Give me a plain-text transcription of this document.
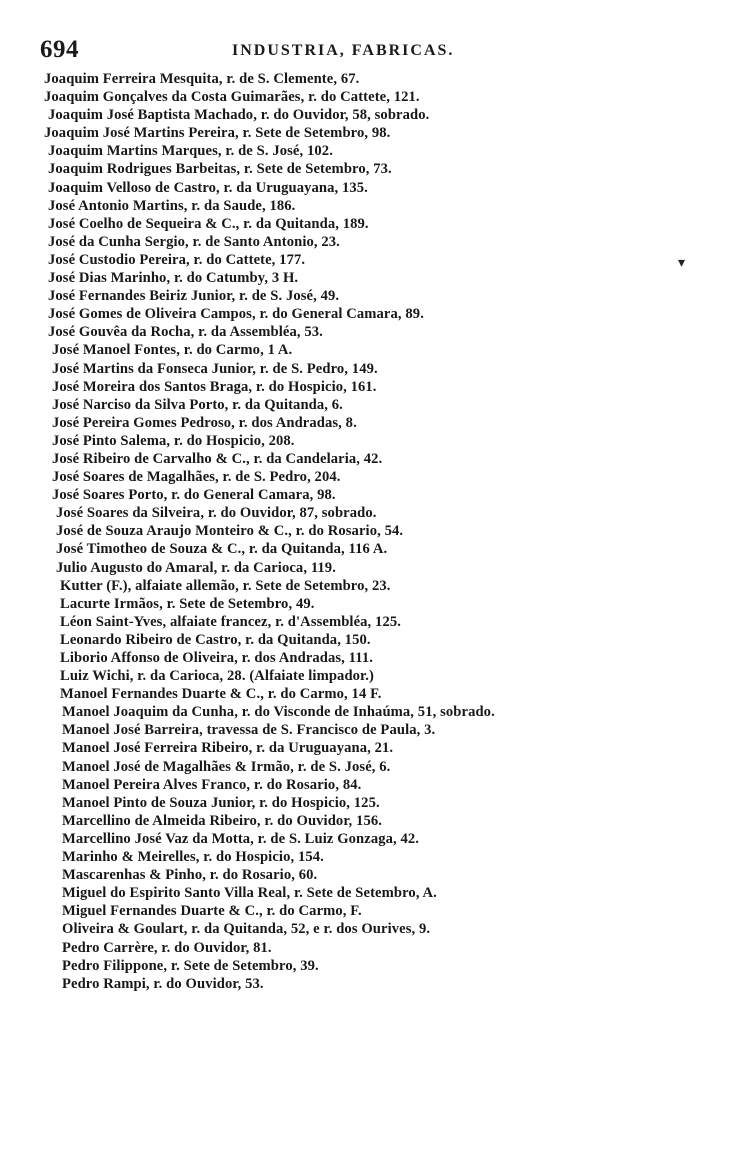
694	INDUSTRIA, FABRICAS.
▾
Joaquim Ferreira Mesquita, r. de S. Clemente, 67.
Joaquim Gonçalves da Costa Guimarães, r. do Cattete, 121.
Joaquim José Baptista Machado, r. do Ouvidor, 58, sobrado.
Joaquim José Martins Pereira, r. Sete de Setembro, 98.
Joaquim Martins Marques, r. de S. José, 102.
Joaquim Rodrigues Barbeitas, r. Sete de Setembro, 73.
Joaquim Velloso de Castro, r. da Uruguayana, 135.
José Antonio Martins, r. da Saude, 186.
José Coelho de Sequeira & C., r. da Quitanda, 189.
José da Cunha Sergio, r. de Santo Antonio, 23.
José Custodio Pereira, r. do Cattete, 177.
José Dias Marinho, r. do Catumby, 3 H.
José Fernandes Beiriz Junior, r. de S. José, 49.
José Gomes de Oliveira Campos, r. do General Camara, 89.
José Gouvêa da Rocha, r. da Assembléa, 53.
José Manoel Fontes, r. do Carmo, 1 A.
José Martins da Fonseca Junior, r. de S. Pedro, 149.
José Moreira dos Santos Braga, r. do Hospicio, 161.
José Narciso da Silva Porto, r. da Quitanda, 6.
José Pereira Gomes Pedroso, r. dos Andradas, 8.
José Pinto Salema, r. do Hospicio, 208.
José Ribeiro de Carvalho & C., r. da Candelaria, 42.
José Soares de Magalhães, r. de S. Pedro, 204.
José Soares Porto, r. do General Camara, 98.
José Soares da Silveira, r. do Ouvidor, 87, sobrado.
José de Souza Araujo Monteiro & C., r. do Rosario, 54.
José Timotheo de Souza & C., r. da Quitanda, 116 A.
Julio Augusto do Amaral, r. da Carioca, 119.
Kutter (F.), alfaiate allemão, r. Sete de Setembro, 23.
Lacurte Irmãos, r. Sete de Setembro, 49.
Léon Saint-Yves, alfaiate francez, r. d'Assembléa, 125.
Leonardo Ribeiro de Castro, r. da Quitanda, 150.
Liborio Affonso de Oliveira, r. dos Andradas, 111.
Luiz Wichi, r. da Carioca, 28. (Alfaiate limpador.)
Manoel Fernandes Duarte & C., r. do Carmo, 14 F.
Manoel Joaquim da Cunha, r. do Visconde de Inhaúma, 51, sobrado.
Manoel José Barreira, travessa de S. Francisco de Paula, 3.
Manoel José Ferreira Ribeiro, r. da Uruguayana, 21.
Manoel José de Magalhães & Irmão, r. de S. José, 6.
Manoel Pereira Alves Franco, r. do Rosario, 84.
Manoel Pinto de Souza Junior, r. do Hospicio, 125.
Marcellino de Almeida Ribeiro, r. do Ouvidor, 156.
Marcellino José Vaz da Motta, r. de S. Luiz Gonzaga, 42.
Marinho & Meirelles, r. do Hospicio, 154.
Mascarenhas & Pinho, r. do Rosario, 60.
Miguel do Espirito Santo Villa Real, r. Sete de Setembro, A.
Miguel Fernandes Duarte & C., r. do Carmo, F.
Oliveira & Goulart, r. da Quitanda, 52, e r. dos Ourives, 9.
Pedro Carrère, r. do Ouvidor, 81.
Pedro Filippone, r. Sete de Setembro, 39.
Pedro Rampi, r. do Ouvidor, 53.
